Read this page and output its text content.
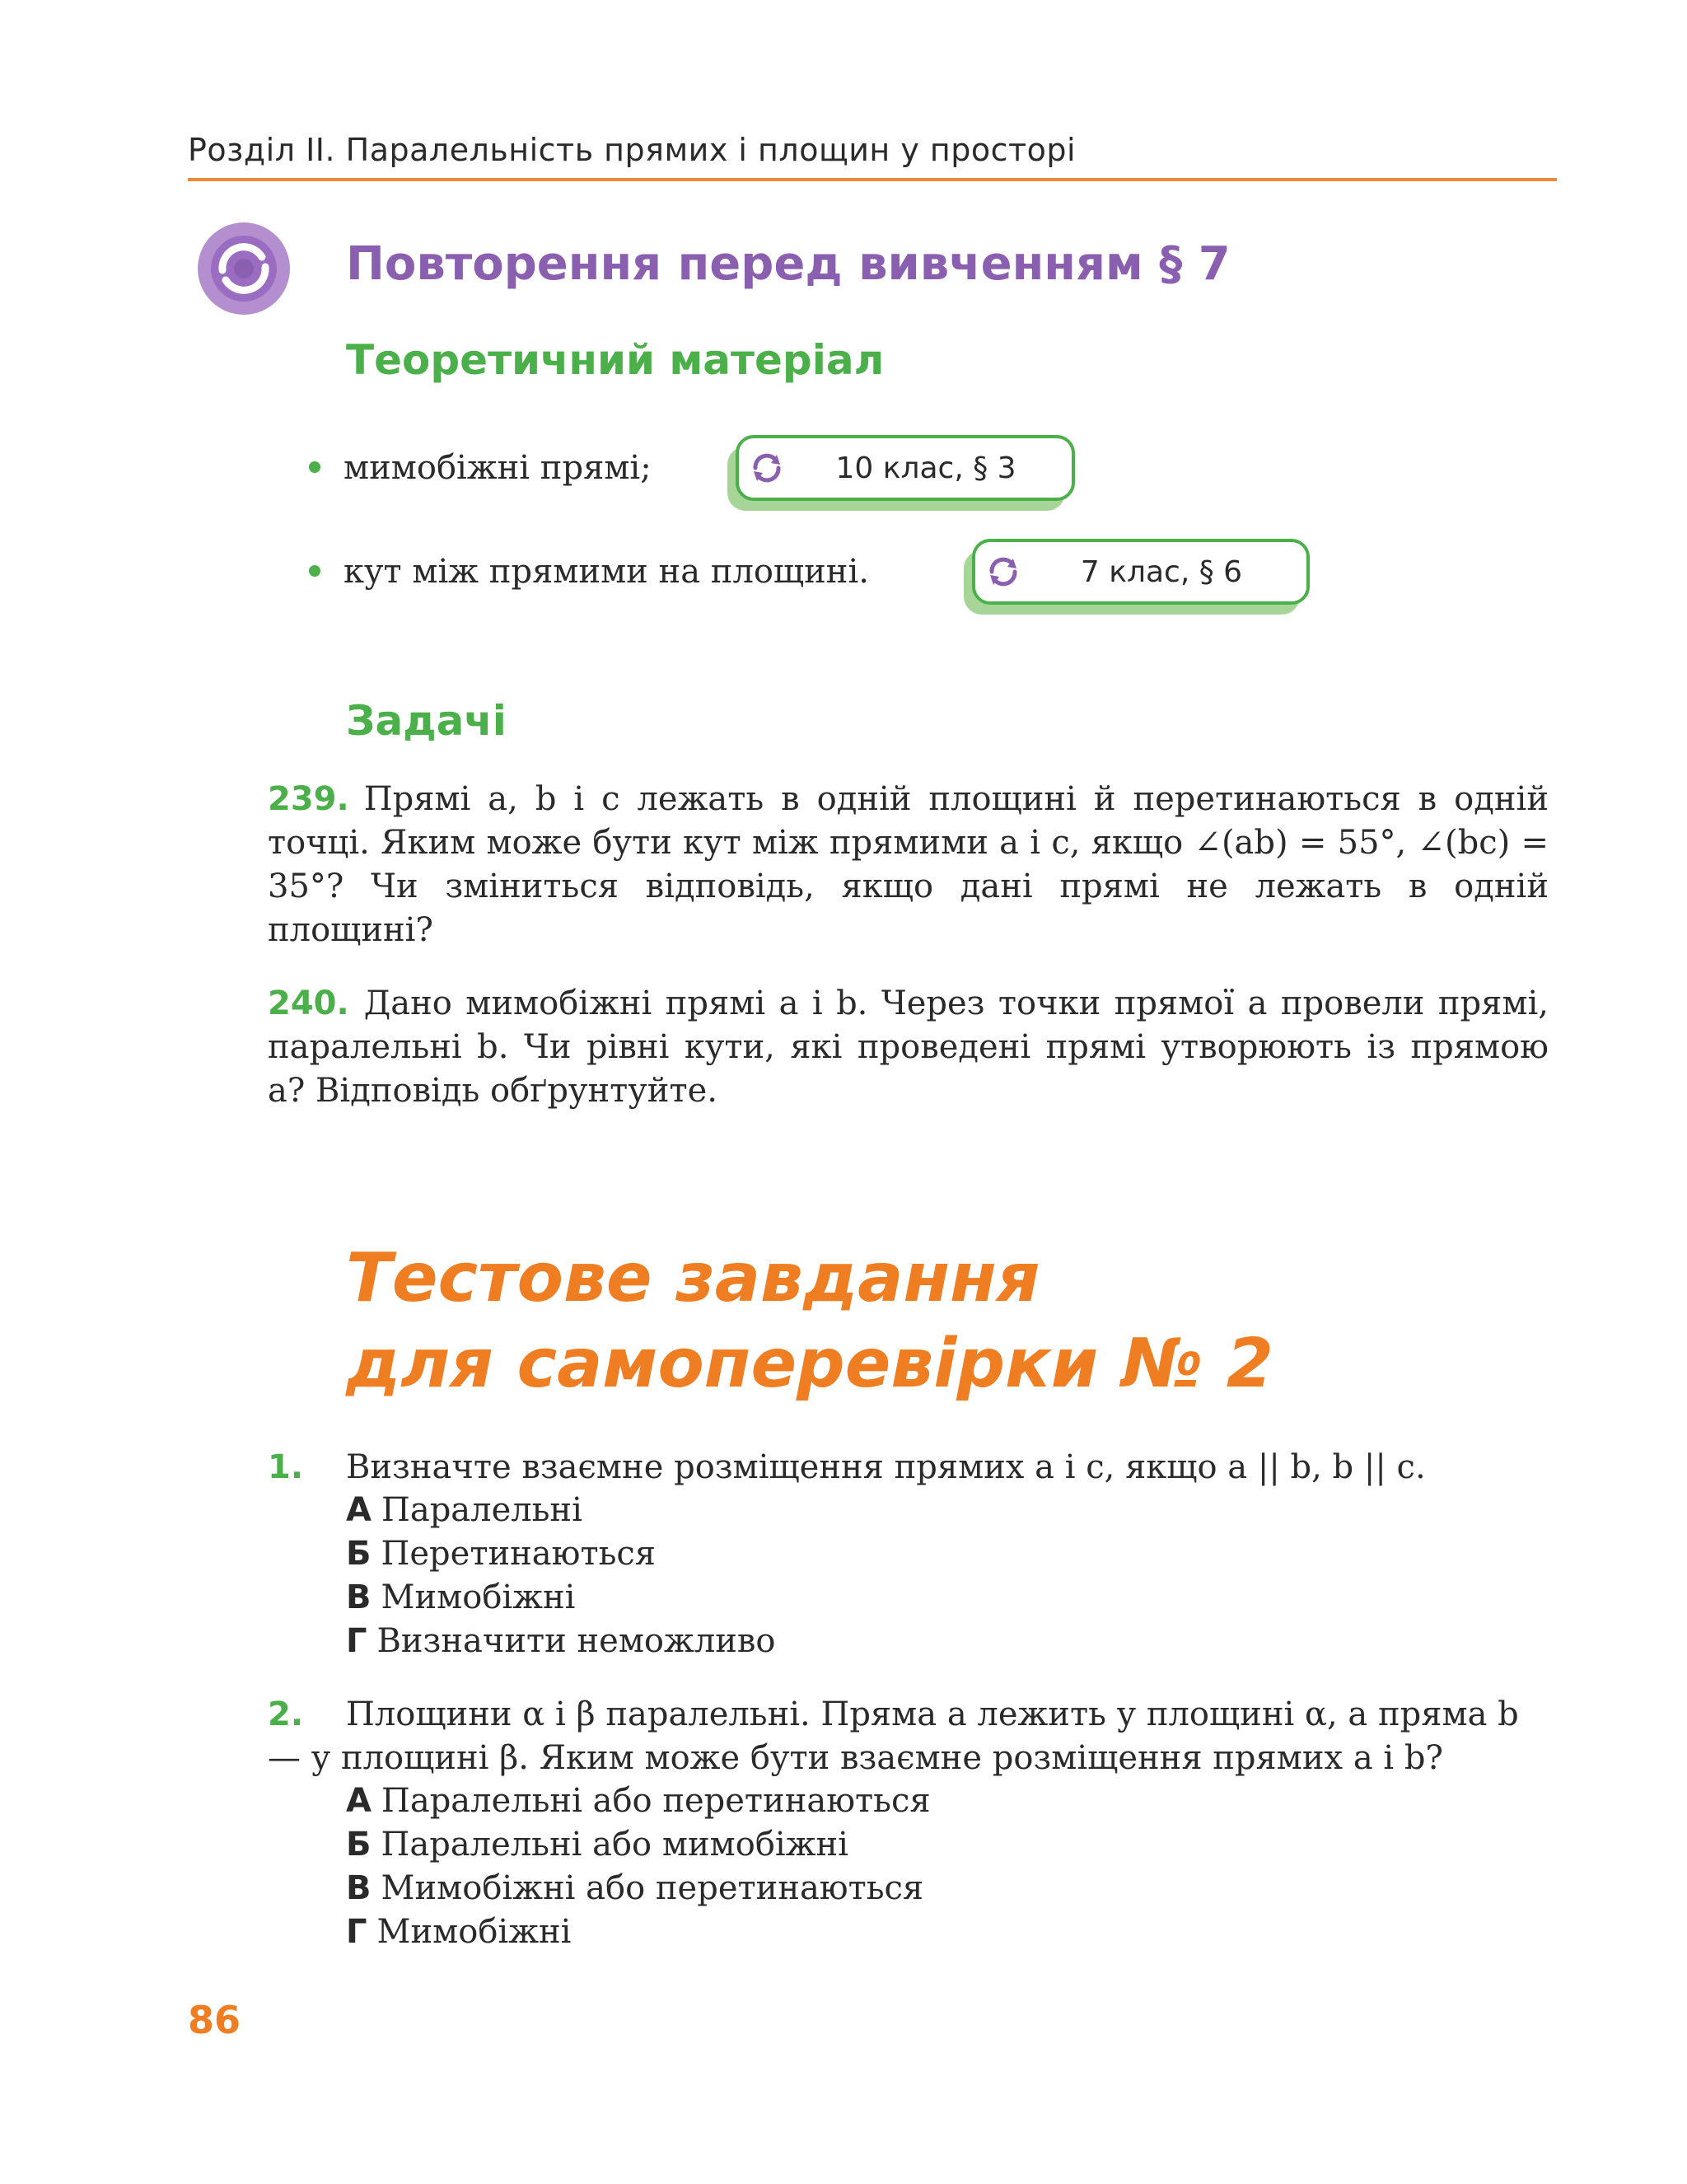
Розділ ІІ. Паралельність прямих і площин у просторі
Повторення перед вивченням § 7
Теоретичний матеріал
мимобіжні прямі;	10 клас, § 3
кут між прямими на площині.	7 клас, § 6
Задачі
239. Прямі a, b і c лежать в одній площині й перетинаються в одній точці. Яким може бути кут між прямими a і c, якщо ∠(ab) = 55°, ∠(bc) = 35°? Чи зміниться відповідь, якщо дані прямі не лежать в одній площині?
240. Дано мимобіжні прямі a і b. Через точки прямої a провели прямі, паралельні b. Чи рівні кути, які проведені прямі утворюють із прямою a? Відповідь обґрунтуйте.
Тестове завдання
для самоперевірки № 2
1. Визначте взаємне розміщення прямих a і c, якщо a || b, b || c.
А Паралельні
Б Перетинаються
В Мимобіжні
Г Визначити неможливо
2. Площини α і β паралельні. Пряма a лежить у площині α, а пряма b — у площині β. Яким може бути взаємне розміщення прямих a і b?
А Паралельні або перетинаються
Б Паралельні або мимобіжні
В Мимобіжні або перетинаються
Г Мимобіжні
86
